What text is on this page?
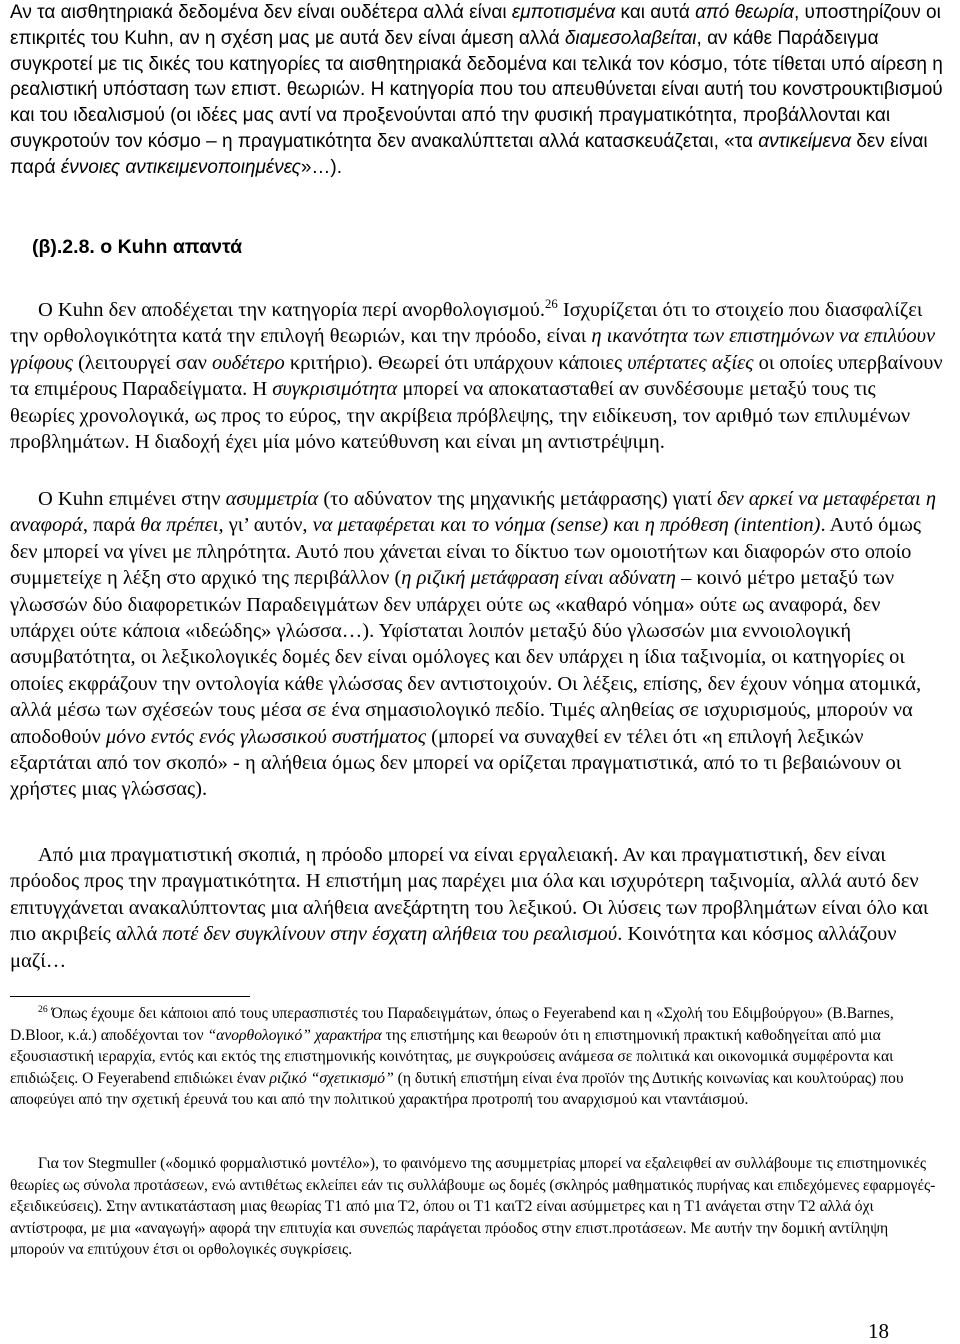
Αν τα αισθητηριακά δεδομένα δεν είναι ουδέτερα αλλά είναι εμποτισμένα και αυτά από θεωρία, υποστηρίζουν οι επικριτές του Kuhn, αν η σχέση μας με αυτά δεν είναι άμεση αλλά διαμεσολαβείται, αν κάθε Παράδειγμα συγκροτεί με τις δικές του κατηγορίες τα αισθητηριακά δεδομένα και τελικά τον κόσμο, τότε τίθεται υπό αίρεση η ρεαλιστική υπόσταση των επιστ. θεωριών. Η κατηγορία που του απευθύνεται είναι αυτή του κονστρουκτιβισμού και του ιδεαλισμού (οι ιδέες μας αντί να προξενούνται από την φυσική πραγματικότητα, προβάλλονται και συγκροτούν τον κόσμο – η πραγματικότητα δεν ανακαλύπτεται αλλά κατασκευάζεται, «τα αντικείμενα δεν είναι παρά έννοιες αντικειμενοποιημένες»…).

(β).2.8. ο Kuhn απαντά

Ο Kuhn δεν αποδέχεται την κατηγορία περί ανορθολογισμού.$^{26}$ Ισχυρίζεται ότι το στοιχείο που διασφαλίζει την ορθολογικότητα κατά την επιλογή θεωριών, και την πρόοδο, είναι η ικανότητα των επιστημόνων να επιλύουν γρίφους (λειτουργεί σαν ουδέτερο κριτήριο). Θεωρεί ότι υπάρχουν κάποιες υπέρτατες αξίες οι οποίες υπερβαίνουν τα επιμέρους Παραδείγματα. Η συγκρισιμότητα μπορεί να αποκατασταθεί αν συνδέσουμε μεταξύ τους τις θεωρίες χρονολογικά, ως προς το εύρος, την ακρίβεια πρόβλεψης, την ειδίκευση, τον αριθμό των επιλυμένων προβλημάτων. Η διαδοχή έχει μία μόνο κατεύθυνση και είναι μη αντιστρέψιμη.

Ο Kuhn επιμένει στην ασυμμετρία (το αδύνατον της μηχανικής μετάφρασης) γιατί δεν αρκεί να μεταφέρεται η αναφορά, παρά θα πρέπει, γι’ αυτόν, να μεταφέρεται και το νόημα (sense) και η πρόθεση (intention). Αυτό όμως δεν μπορεί να γίνει με πληρότητα. Αυτό που χάνεται είναι το δίκτυο των ομοιοτήτων και διαφορών στο οποίο συμμετείχε η λέξη στο αρχικό της περιβάλλον (η ριζική μετάφραση είναι αδύνατη – κοινό μέτρο μεταξύ των γλωσσών δύο διαφορετικών Παραδειγμάτων δεν υπάρχει ούτε ως «καθαρό νόημα» ούτε ως αναφορά, δεν υπάρχει ούτε κάποια «ιδεώδης» γλώσσα…). Υφίσταται λοιπόν μεταξύ δύο γλωσσών μια εννοιολογική ασυμβατότητα, οι λεξικολογικές δομές δεν είναι ομόλογες και δεν υπάρχει η ίδια ταξινομία, οι κατηγορίες οι οποίες εκφράζουν την οντολογία κάθε γλώσσας δεν αντιστοιχούν. Οι λέξεις, επίσης, δεν έχουν νόημα ατομικά, αλλά μέσω των σχέσεών τους μέσα σε ένα σημασιολογικό πεδίο. Τιμές αληθείας σε ισχυρισμούς, μπορούν να αποδοθούν μόνο εντός ενός γλωσσικού συστήματος (μπορεί να συναχθεί εν τέλει ότι «η επιλογή λεξικών εξαρτάται από τον σκοπό» - η αλήθεια όμως δεν μπορεί να ορίζεται πραγματιστικά, από το τι βεβαιώνουν οι χρήστες μιας γλώσσας).

Από μια πραγματιστική σκοπιά, η πρόοδο μπορεί να είναι εργαλειακή. Αν και πραγματιστική, δεν είναι πρόοδος προς την πραγματικότητα. Η επιστήμη μας παρέχει μια όλα και ισχυρότερη ταξινομία, αλλά αυτό δεν επιτυγχάνεται ανακαλύπτοντας μια αλήθεια ανεξάρτητη του λεξικού. Οι λύσεις των προβλημάτων είναι όλο και πιο ακριβείς αλλά ποτέ δεν συγκλίνουν στην έσχατη αλήθεια του ρεαλισμού. Κοινότητα και κόσμος αλλάζουν μαζί…

$^{26}$ Όπως έχουμε δει κάποιοι από τους υπερασπιστές του Παραδειγμάτων, όπως ο Feyerabend και η «Σχολή του Εδιμβούργου» (B.Barnes, D.Bloor, κ.ά.) αποδέχονται τον “ανορθολογικό” χαρακτήρα της επιστήμης και θεωρούν ότι η επιστημονική πρακτική καθοδηγείται από μια εξουσιαστική ιεραρχία, εντός και εκτός της επιστημονικής κοινότητας, με συγκρούσεις ανάμεσα σε πολιτικά και οικονομικά συμφέροντα και επιδιώξεις. Ο Feyerabend επιδιώκει έναν ριζικό “σχετικισμό” (η δυτική επιστήμη είναι ένα προϊόν της Δυτικής κοινωνίας και κουλτούρας) που αποφεύγει από την σχετική έρευνά του και από την πολιτικού χαρακτήρα προτροπή του αναρχισμού και νταντάισμού.

Για τον Stegmuller («δομικό φορμαλιστικό μοντέλο»), το φαινόμενο της ασυμμετρίας μπορεί να εξαλειφθεί αν συλλάβουμε τις επιστημονικές θεωρίες ως σύνολα προτάσεων, ενώ αντιθέτως εκλείπει εάν τις συλλάβουμε ως δομές (σκληρός μαθηματικός πυρήνας και επιδεχόμενες εφαρμογές-εξειδικεύσεις). Στην αντικατάσταση μιας θεωρίας Τ1 από μια Τ2, όπου οι Τ1 καιΤ2 είναι ασύμμετρες και η Τ1 ανάγεται στην Τ2 αλλά όχι αντίστροφα, με μια «αναγωγή» αφορά την επιτυχία και συνεπώς παράγεται πρόοδος στην επιστ.προτάσεων. Με αυτήν την δομική αντίληψη μπορούν να επιτύχουν έτσι οι ορθολογικές συγκρίσεις.

18
